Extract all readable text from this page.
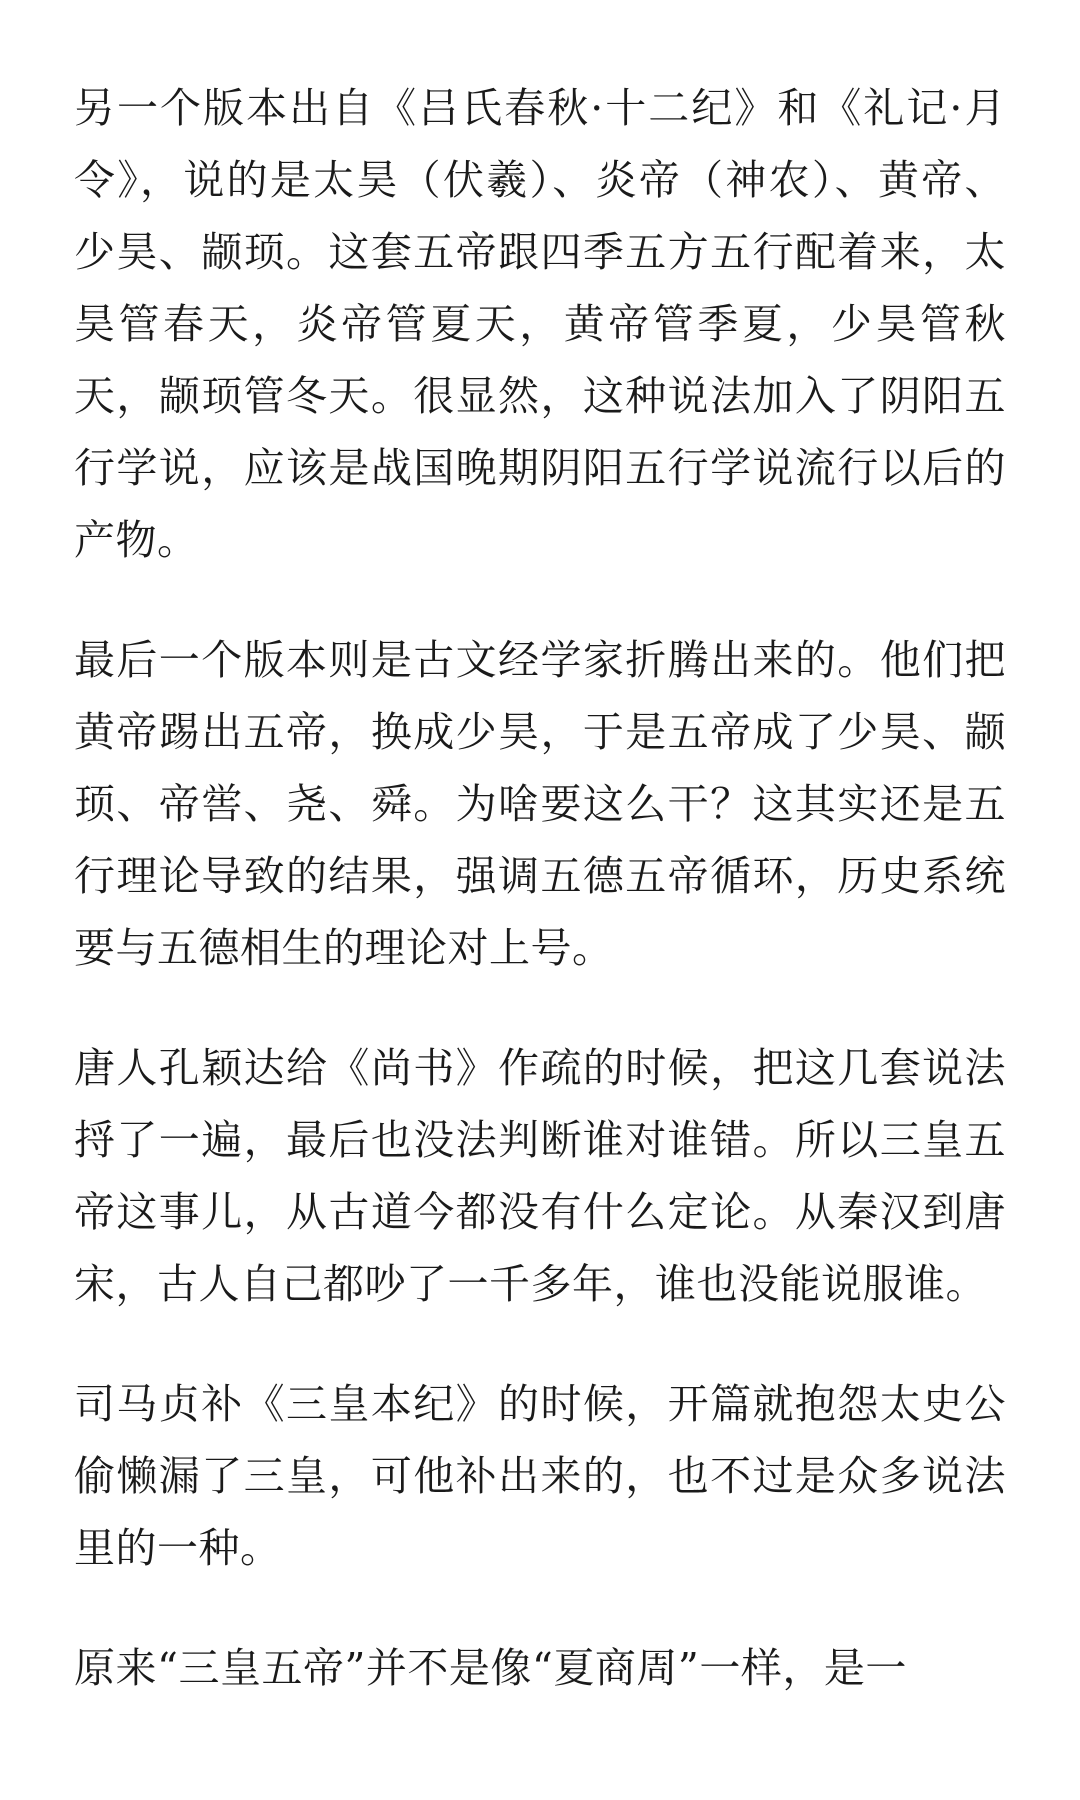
另一个版本出自《吕氏春秋·十二纪》和《礼记·月令》，说的是太昊（伏羲）、炎帝（神农）、黄帝、少昊、颛顼。这套五帝跟四季五方五行配着来，太昊管春天，炎帝管夏天，黄帝管季夏，少昊管秋天，颛顼管冬天。很显然，这种说法加入了阴阳五行学说，应该是战国晚期阴阳五行学说流行以后的产物。

最后一个版本则是古文经学家折腾出来的。他们把黄帝踢出五帝，换成少昊，于是五帝成了少昊、颛顼、帝喾、尧、舜。为啥要这么干？这其实还是五行理论导致的结果，强调五德五帝循环，历史系统要与五德相生的理论对上号。

唐人孔颖达给《尚书》作疏的时候，把这几套说法捋了一遍，最后也没法判断谁对谁错。所以三皇五帝这事儿，从古道今都没有什么定论。从秦汉到唐宋，古人自己都吵了一千多年，谁也没能说服谁。

司马贞补《三皇本纪》的时候，开篇就抱怨太史公偷懒漏了三皇，可他补出来的，也不过是众多说法里的一种。

原来“三皇五帝”并不是像“夏商周”一样，是一
